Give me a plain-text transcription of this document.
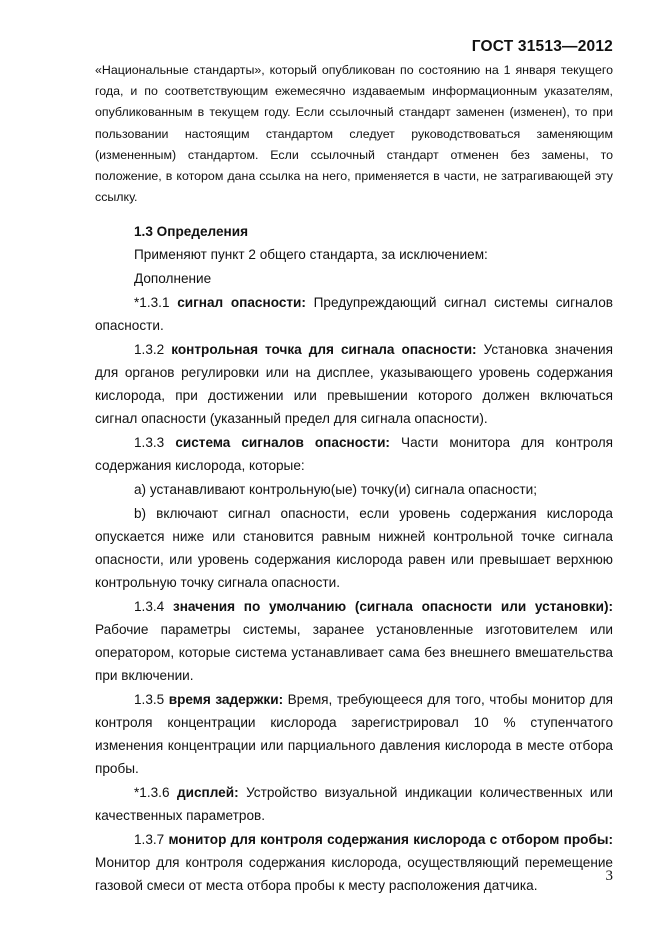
ГОСТ 31513—2012

«Национальные стандарты», который опубликован по состоянию на 1 января текущего года, и по соответствующим ежемесячно издаваемым информационным указателям, опубликованным в текущем году. Если ссылочный стандарт заменен (изменен), то при пользовании настоящим стандартом следует руководствоваться заменяющим (измененным) стандартом. Если ссылочный стандарт отменен без замены, то положение, в котором дана ссылка на него, применяется в части, не затрагивающей эту ссылку.

1.3 Определения

Применяют пункт 2 общего стандарта, за исключением:

Дополнение

*1.3.1 сигнал опасности: Предупреждающий сигнал системы сигналов опасности.

1.3.2 контрольная точка для сигнала опасности: Установка значения для органов регулировки или на дисплее, указывающего уровень содержания кислорода, при достижении или превышении которого должен включаться сигнал опасности (указанный предел для сигнала опасности).

1.3.3 система сигналов опасности: Части монитора для контроля содержания кислорода, которые:

а) устанавливают контрольную(ые) точку(и) сигнала опасности;

b) включают сигнал опасности, если уровень содержания кислорода опускается ниже или становится равным нижней контрольной точке сигнала опасности, или уровень содержания кислорода равен или превышает верхнюю контрольную точку сигнала опасности.

1.3.4 значения по умолчанию (сигнала опасности или установки): Рабочие параметры системы, заранее установленные изготовителем или оператором, которые система устанавливает сама без внешнего вмешательства при включении.

1.3.5 время задержки: Время, требующееся для того, чтобы монитор для контроля концентрации кислорода зарегистрировал 10 % ступенчатого изменения концентрации или парциального давления кислорода в месте отбора пробы.

*1.3.6 дисплей: Устройство визуальной индикации количественных или качественных параметров.

1.3.7 монитор для контроля содержания кислорода с отбором пробы: Монитор для контроля содержания кислорода, осуществляющий перемещение газовой смеси от места отбора пробы к месту расположения датчика.

3
